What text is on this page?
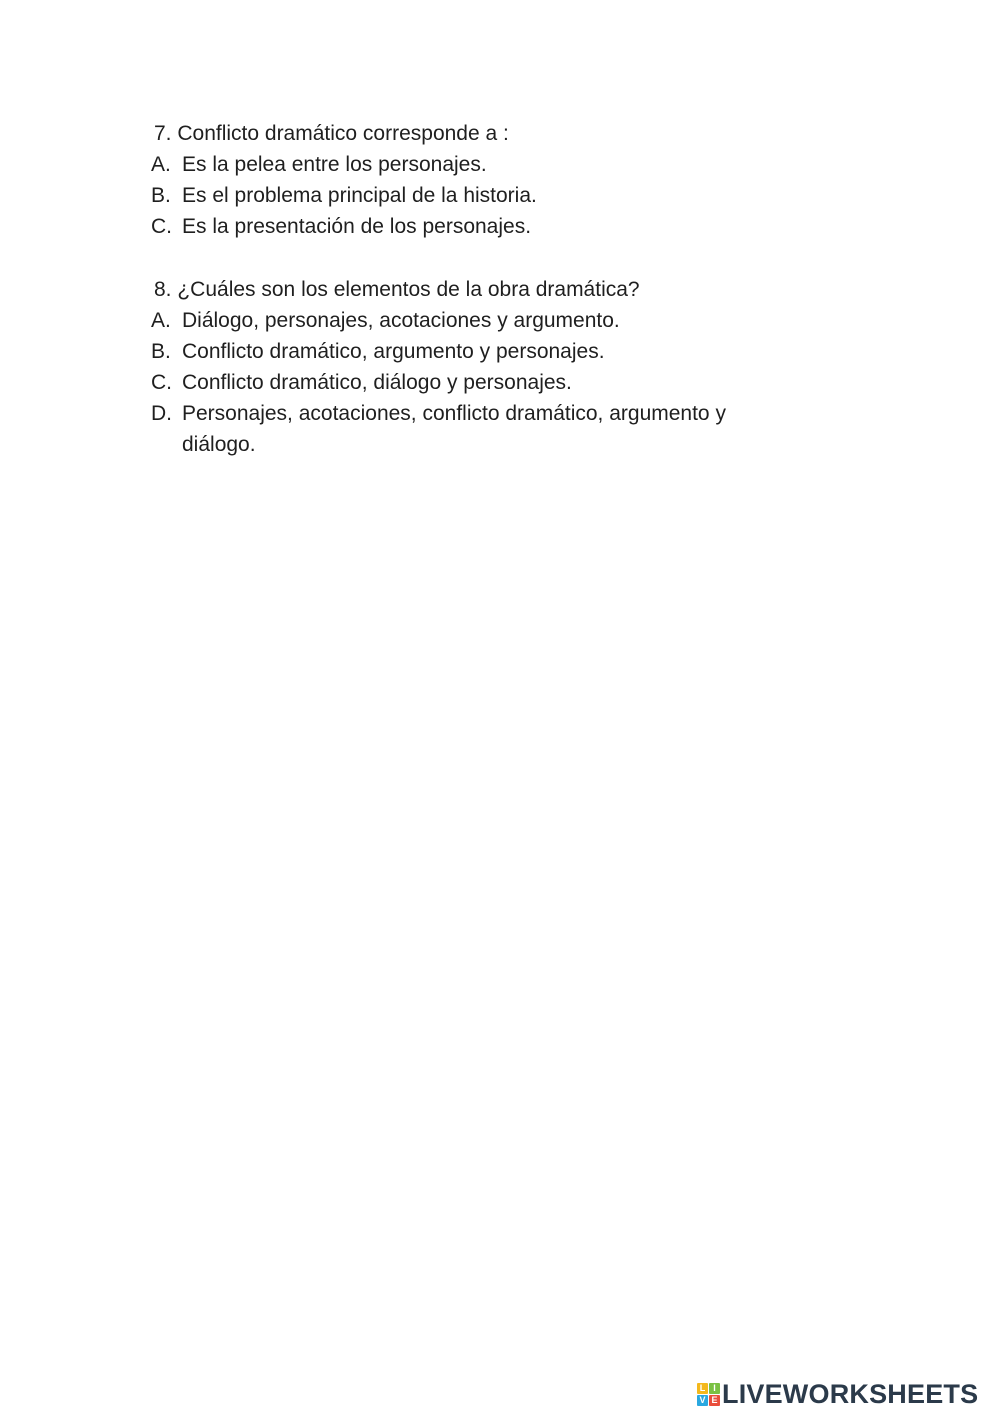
7. Conflicto dramático corresponde a :
A. Es la pelea entre los personajes.
B. Es el problema principal de la historia.
C. Es la presentación de los personajes.
8. ¿Cuáles son los elementos de la obra dramática?
A. Diálogo, personajes, acotaciones y argumento.
B. Conflicto dramático, argumento y personajes.
C. Conflicto dramático, diálogo y personajes.
D. Personajes, acotaciones, conflicto dramático, argumento y diálogo.
L I
V E LIVEWORKSHEETS
